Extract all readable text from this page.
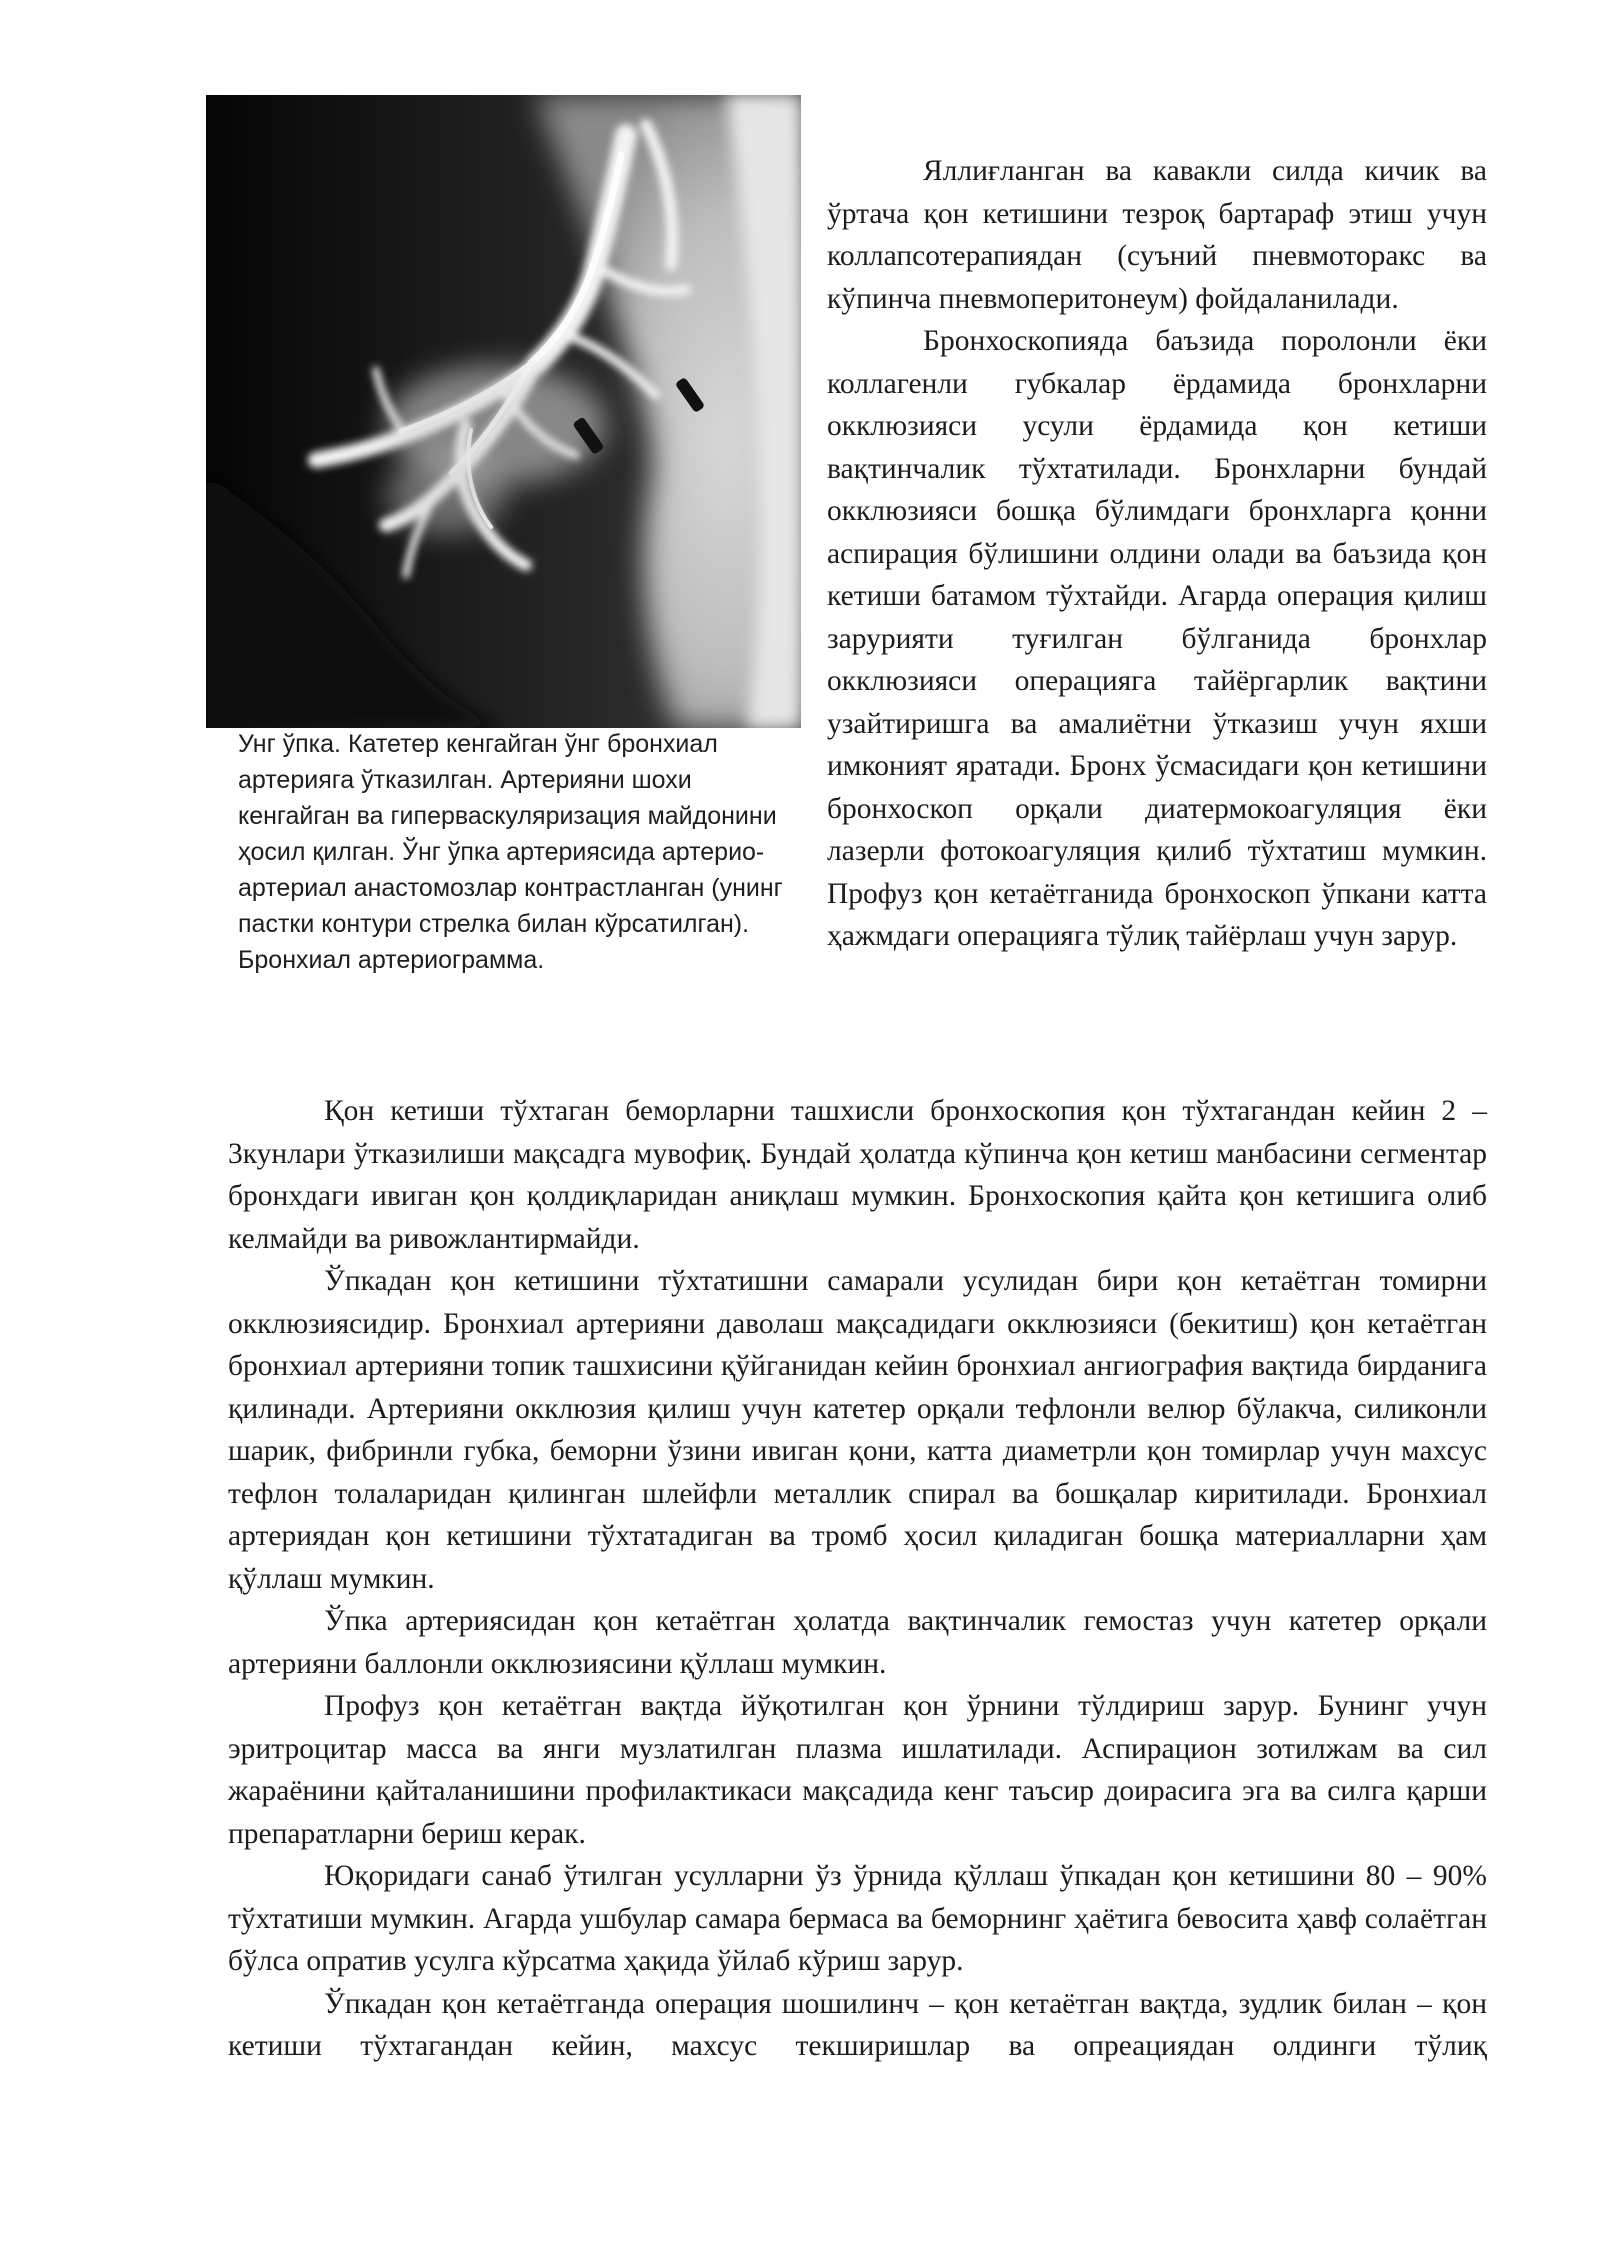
Унг ўпка. Катетер кенгайган ўнг бронхиал артерияга ўтказилган. Артерияни шохи кенгайган ва гиперваскуляризация майдонини ҳосил қилган. Ўнг ўпка артериясида артерио-артериал анастомозлар контрастланган (унинг пастки контури стрелка билан кўрсатилган). Бронхиал артериограмма.

Яллиғланган ва кавакли силда кичик ва ўртача қон кетишини тезроқ бартараф этиш учун коллапсотерапиядан (суъний пневмоторакс ва кўпинча пневмоперитонеум) фойдаланилади.

Бронхоскопияда баъзида поролонли ёки коллагенли губкалар ёрдамида бронхларни окклюзияси усули ёрдамида қон кетиши вақтинчалик тўхтатилади. Бронхларни бундай окклюзияси бошқа бўлимдаги бронхларга қонни аспирация бўлишини олдини олади ва баъзида қон кетиши батамом тўхтайди. Агарда операция қилиш зарурияти туғилган бўлганида бронхлар окклюзияси операцияга тайёргарлик вақтини узайтиришга ва амалиётни ўтказиш учун яхши имконият яратади. Бронх ўсмасидаги қон кетишини бронхоскоп орқали диатермокоагуляция ёки лазерли фотокоагуляция қилиб тўхтатиш мумкин. Профуз қон кетаётганида бронхоскоп ўпкани катта ҳажмдаги операцияга тўлиқ тайёрлаш учун зарур.

Қон кетиши тўхтаган беморларни ташхисли бронхоскопия қон тўхтагандан кейин 2 – 3кунлари ўтказилиши мақсадга мувофиқ. Бундай ҳолатда кўпинча қон кетиш манбасини сегментар бронхдаги ивиган қон қолдиқларидан аниқлаш мумкин. Бронхоскопия қайта қон кетишига олиб келмайди ва ривожлантирмайди.

Ўпкадан қон кетишини тўхтатишни самарали усулидан бири қон кетаётган томирни окклюзиясидир. Бронхиал артерияни даволаш мақсадидаги окклюзияси (бекитиш) қон кетаётган бронхиал артерияни топик ташхисини қўйганидан кейин бронхиал ангиография вақтида бирданига қилинади. Артерияни окклюзия қилиш учун катетер орқали тефлонли велюр бўлакча, силиконли шарик, фибринли губка, беморни ўзини ивиган қони, катта диаметрли қон томирлар учун махсус тефлон толаларидан қилинган шлейфли металлик спирал ва бошқалар киритилади. Бронхиал артериядан қон кетишини тўхтатадиган ва тромб ҳосил қиладиган бошқа материалларни ҳам қўллаш мумкин.

Ўпка артериясидан қон кетаётган ҳолатда вақтинчалик гемостаз учун катетер орқали артерияни баллонли окклюзиясини қўллаш мумкин.

Профуз қон кетаётган вақтда йўқотилган қон ўрнини тўлдириш зарур. Бунинг учун эритроцитар масса ва янги музлатилган плазма ишлатилади. Аспирацион зотилжам ва сил жараёнини қайталанишини профилактикаси мақсадида кенг таъсир доирасига эга ва силга қарши препаратларни бериш керак.

Юқоридаги санаб ўтилган усулларни ўз ўрнида қўллаш ўпкадан қон кетишини 80 – 90% тўхтатиши мумкин. Агарда ушбулар самара бермаса ва беморнинг ҳаётига бевосита ҳавф солаётган бўлса опратив усулга кўрсатма ҳақида ўйлаб кўриш зарур.

Ўпкадан қон кетаётганда операция шошилинч – қон кетаётган вақтда, зудлик билан – қон кетиши тўхтагандан кейин, махсус текширишлар ва опреациядан олдинги тўлиқ
